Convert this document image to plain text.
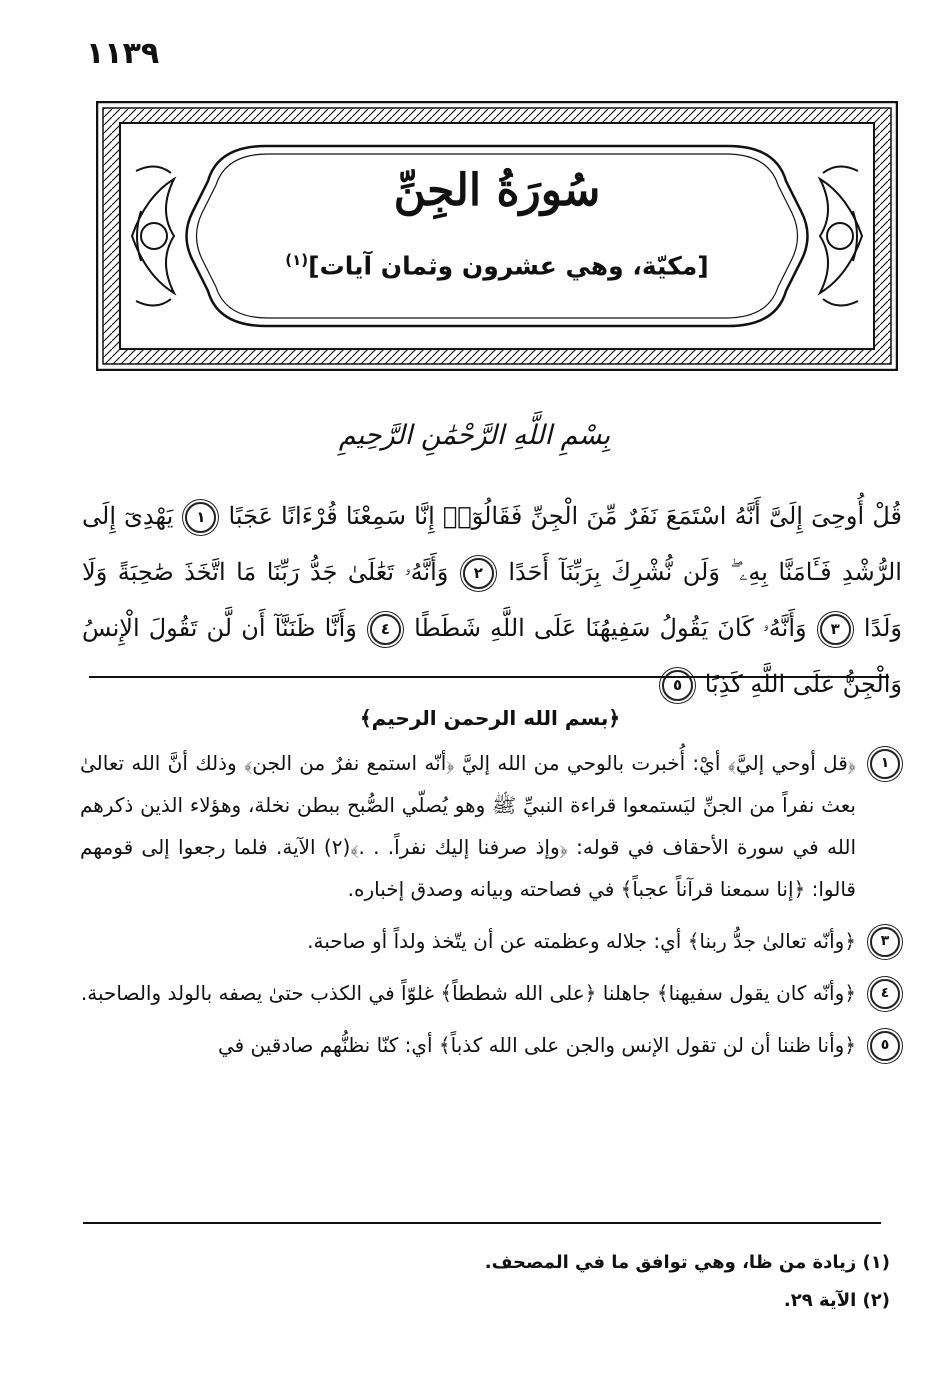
١١٣٩
سُورَةُ الجِنِّ
[مكيّة، وهي عشرون وثمان آيات]$^{(١)}$
بِسْمِ اللَّهِ الرَّحْمَٰنِ الرَّحِيمِ

قُلْ أُوحِىَ إِلَىَّ أَنَّهُ اسْتَمَعَ نَفَرٌ مِّنَ الْجِنِّ فَقَالُوٓا۟ إِنَّا سَمِعْنَا قُرْءَانًا عَجَبًا ١ يَهْدِىٓ إِلَى الرُّشْدِ فَـَٔامَنَّا بِهِۦ ۖ وَلَن نُّشْرِكَ بِرَبِّنَآ أَحَدًا ٢ وَأَنَّهُۥ تَعَٰلَىٰ جَدُّ رَبِّنَا مَا اتَّخَذَ صَٰحِبَةً وَلَا وَلَدًا ٣ وَأَنَّهُۥ كَانَ يَقُولُ سَفِيهُنَا عَلَى اللَّهِ شَطَطًا ٤ وَأَنَّا ظَنَنَّآ أَن لَّن تَقُولَ الْإِنسُ وَالْجِنُّ عَلَى اللَّهِ كَذِبًا ٥

﴿بسم الله الرحمن الرحيم﴾

١
﴿قل أوحي إليَّ﴾ أيْ: أُخبرت بالوحي من الله إليَّ ﴿أنّه استمع نفرٌ من الجن﴾ وذلك أنَّ الله تعالىٰ بعث نفراً من الجنِّ ليَستمعوا قراءة النبيِّ ﷺ وهو يُصلّي الصُّبح ببطن نخلة، وهؤلاء الذين ذكرهم الله في سورة الأحقاف في قوله: ﴿وإذ صرفنا إليك نفراً. . .﴾(٢) الآية. فلما رجعوا إلى قومهم قالوا: ﴿إنا سمعنا قرآناً عجباً﴾ في فصاحته وبيانه وصدق إخباره.

٣
﴿وأنّه تعالىٰ جدُّ ربنا﴾ أي: جلاله وعظمته عن أن يتّخذ ولداً أو صاحبة.

٤
﴿وأنّه كان يقول سفيهنا﴾ جاهلنا ﴿على الله شططاً﴾ غلوّاً في الكذب حتىٰ يصفه بالولد والصاحبة.

٥
﴿وأنا ظننا أن لن تقول الإنس والجن على الله كذباً﴾ أي: كنّا نظنُّهم صادقين في

(١) زيادة من ظا، وهي توافق ما في المصحف.

(٢) الآية ٢٩.
